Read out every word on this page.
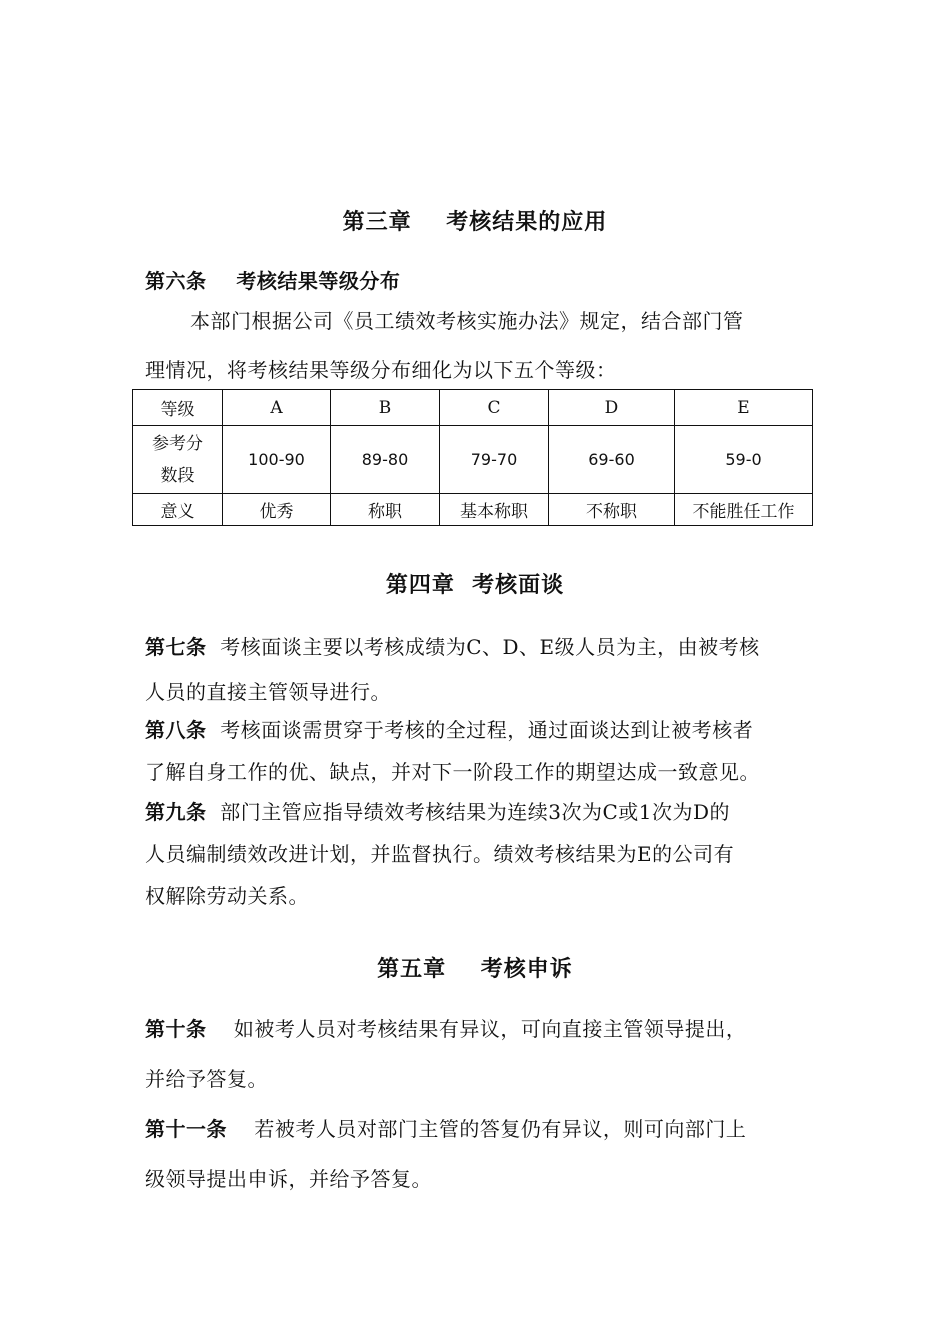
第三章    考核结果的应用
第六条    考核结果等级分布
本部门根据公司《员工绩效考核实施办法》规定，结合部门管
理情况，将考核结果等级分布细化为以下五个等级：
等级	A	B	C	D	E

参考分
数段	100-90	89-80	79-70	69-60	59-0
意义	优秀	称职	基本称职	不称职	不能胜任工作
第四章  考核面谈
第七条  考核面谈主要以考核成绩为C、D、E级人员为主，由被考核
人员的直接主管领导进行。
第八条  考核面谈需贯穿于考核的全过程，通过面谈达到让被考核者
了解自身工作的优、缺点，并对下一阶段工作的期望达成一致意见。
第九条  部门主管应指导绩效考核结果为连续3次为C或1次为D的
人员编制绩效改进计划，并监督执行。绩效考核结果为E的公司有
权解除劳动关系。
第五章    考核申诉
第十条    如被考人员对考核结果有异议，可向直接主管领导提出，
并给予答复。
第十一条    若被考人员对部门主管的答复仍有异议，则可向部门上
级领导提出申诉，并给予答复。
